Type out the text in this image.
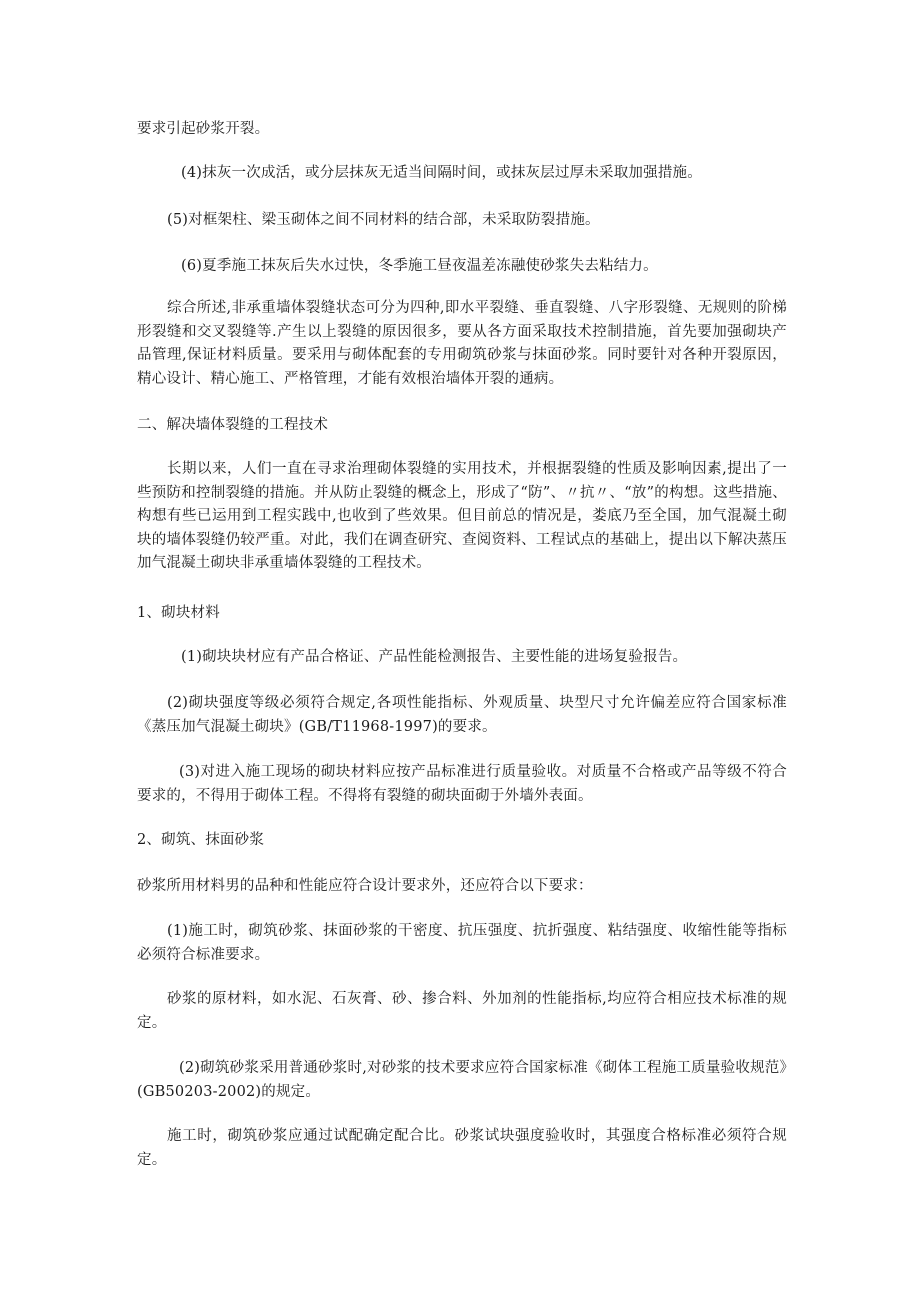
要求引起砂浆开裂。

(4)抹灰一次成活，或分层抹灰无适当间隔时间，或抹灰层过厚未采取加强措施。

(5)对框架柱、梁玉砌体之间不同材料的结合部，未采取防裂措施。

(6)夏季施工抹灰后失水过快，冬季施工昼夜温差冻融使砂浆失去粘结力。

综合所述,非承重墙体裂缝状态可分为四种,即水平裂缝、垂直裂缝、八字形裂缝、无规则的阶梯形裂缝和交叉裂缝等.产生以上裂缝的原因很多，要从各方面采取技术控制措施，首先要加强砌块产品管理,保证材料质量。要采用与砌体配套的专用砌筑砂浆与抹面砂浆。同时要针对各种开裂原因，精心设计、精心施工、严格管理，才能有效根治墙体开裂的通病。

二、解决墙体裂缝的工程技术

长期以来，人们一直在寻求治理砌体裂缝的实用技术，并根据裂缝的性质及影响因素,提出了一些预防和控制裂缝的措施。并从防止裂缝的概念上，形成了“防”、〃抗〃、“放”的构想。这些措施、构想有些已运用到工程实践中,也收到了些效果。但目前总的情况是，娄底乃至全国，加气混凝土砌块的墙体裂缝仍较严重。对此，我们在调查研究、查阅资料、工程试点的基础上，提出以下解决蒸压加气混凝土砌块非承重墙体裂缝的工程技术。

1、砌块材料

(1)砌块块材应有产品合格证、产品性能检测报告、主要性能的进场复验报告。

(2)砌块强度等级必须符合规定,各项性能指标、外观质量、块型尺寸允许偏差应符合国家标准《蒸压加气混凝土砌块》(GB/T11968-1997)的要求。

(3)对进入施工现场的砌块材料应按产品标准进行质量验收。对质量不合格或产品等级不符合要求的，不得用于砌体工程。不得将有裂缝的砌块面砌于外墙外表面。

2、砌筑、抹面砂浆

砂浆所用材料男的品种和性能应符合设计要求外，还应符合以下要求：

(1)施工时，砌筑砂浆、抹面砂浆的干密度、抗压强度、抗折强度、粘结强度、收缩性能等指标必须符合标准要求。

砂浆的原材料，如水泥、石灰膏、砂、掺合料、外加剂的性能指标,均应符合相应技术标准的规定。

(2)砌筑砂浆采用普通砂浆时,对砂浆的技术要求应符合国家标准《砌体工程施工质量验收规范》(GB50203-2002)的规定。

施工时，砌筑砂浆应通过试配确定配合比。砂浆试块强度验收时，其强度合格标准必须符合规定。
